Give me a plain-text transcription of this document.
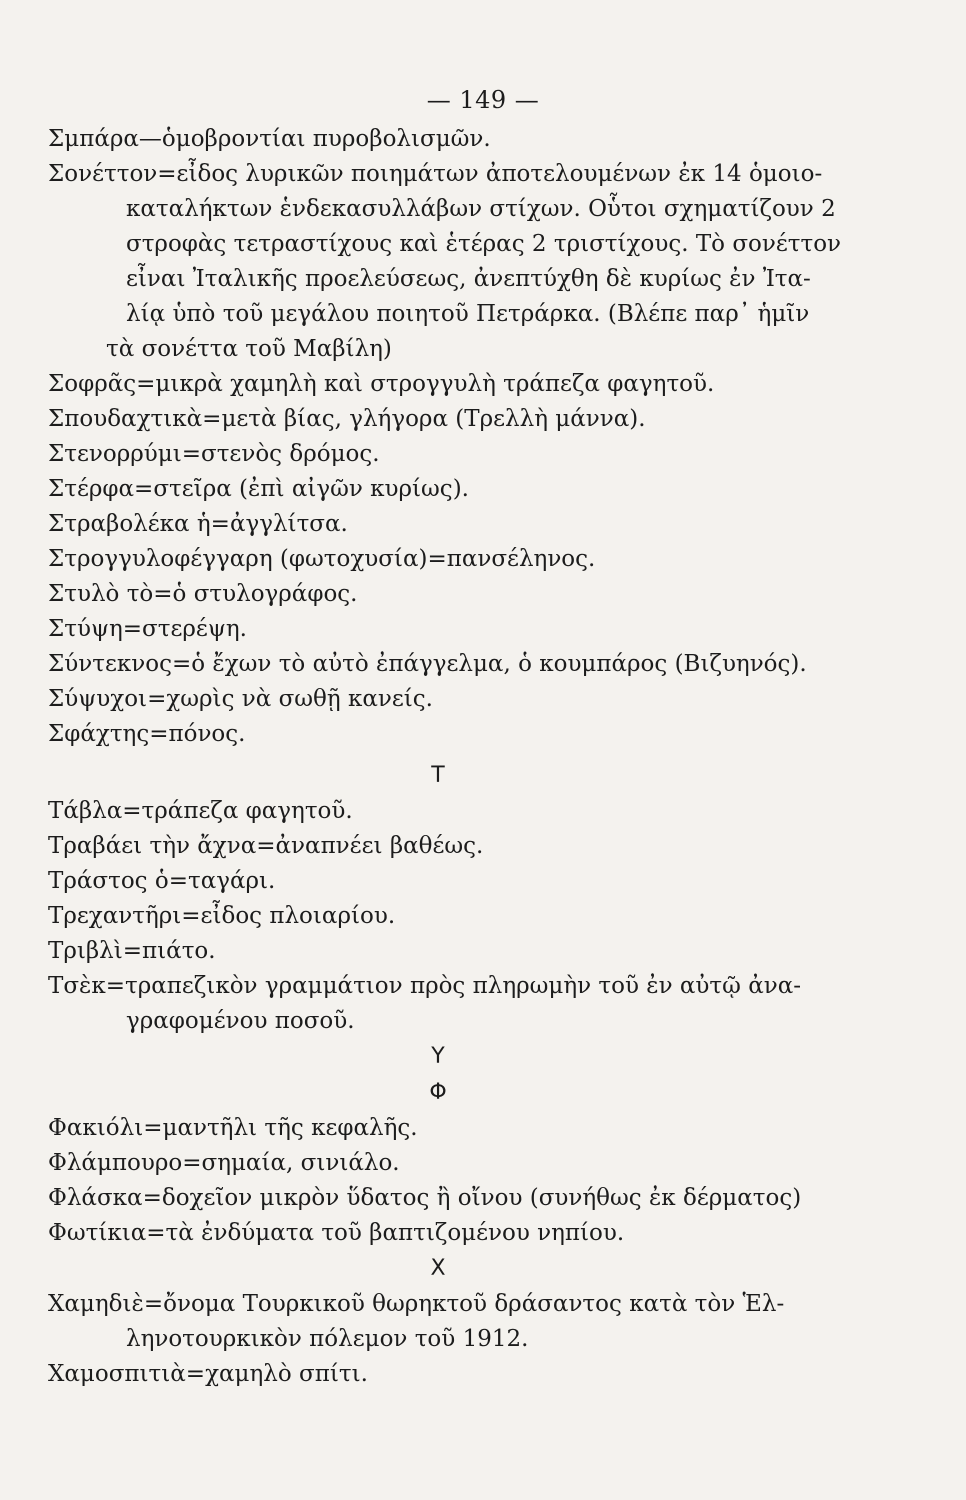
— 149 —
Σμπάρα—ὁμοβροντίαι πυροβολισμῶν.
Σονέττον=εἶδος λυρικῶν ποιημάτων ἀποτελουμένων ἐκ 14 ὁμοιο-
καταλήκτων ἑνδεκασυλλάβων στίχων. Οὗτοι σχηματίζουν 2
στροφὰς τετραστίχους καὶ ἑτέρας 2 τριστίχους. Τὸ σονέττον
εἶναι Ἰταλικῆς προελεύσεως, ἀνεπτύχθη δὲ κυρίως ἐν Ἰτα-
λίᾳ ὑπὸ τοῦ μεγάλου ποιητοῦ Πετράρκα. (Βλέπε παρ᾽ ἡμῖν
τὰ σονέττα τοῦ Μαβίλη)
Σοφρᾶς=μικρὰ χαμηλὴ καὶ στρογγυλὴ τράπεζα φαγητοῦ.
Σπουδαχτικὰ=μετὰ βίας, γλήγορα (Τρελλὴ μάννα).
Στενορρύμι=στενὸς δρόμος.
Στέρφα=στεῖρα (ἐπὶ αἰγῶν κυρίως).
Στραβολέκα ἡ=ἀγγλίτσα.
Στρογγυλοφέγγαρη (φωτοχυσία)=πανσέληνος.
Στυλὸ τὸ=ὁ στυλογράφος.
Στύψη=στερέψη.
Σύντεκνος=ὁ ἔχων τὸ αὐτὸ ἐπάγγελμα, ὁ κουμπάρος (Βιζυηνός).
Σύψυχοι=χωρὶς νὰ σωθῇ κανείς.
Σφάχτης=πόνος.
Τ
Τάβλα=τράπεζα φαγητοῦ.
Τραβάει τὴν ἄχνα=ἀναπνέει βαθέως.
Τράστος ὁ=ταγάρι.
Τρεχαντῆρι=εἶδος πλοιαρίου.
Τριβλὶ=πιάτο.
Τσὲκ=τραπεζικὸν γραμμάτιον πρὸς πληρωμὴν τοῦ ἐν αὐτῷ ἀνα-
γραφομένου ποσοῦ.
Υ
Φ
Φακιόλι=μαντῆλι τῆς κεφαλῆς.
Φλάμπουρο=σημαία, σινιάλο.
Φλάσκα=δοχεῖον μικρὸν ὕδατος ἢ οἴνου (συνήθως ἐκ δέρματος)
Φωτίκια=τὰ ἐνδύματα τοῦ βαπτιζομένου νηπίου.
Χ
Χαμηδιὲ=ὄνομα Τουρκικοῦ θωρηκτοῦ δράσαντος κατὰ τὸν Ἑλ-
ληνοτουρκικὸν πόλεμον τοῦ 1912.
Χαμοσπιτιὰ=χαμηλὸ σπίτι.
